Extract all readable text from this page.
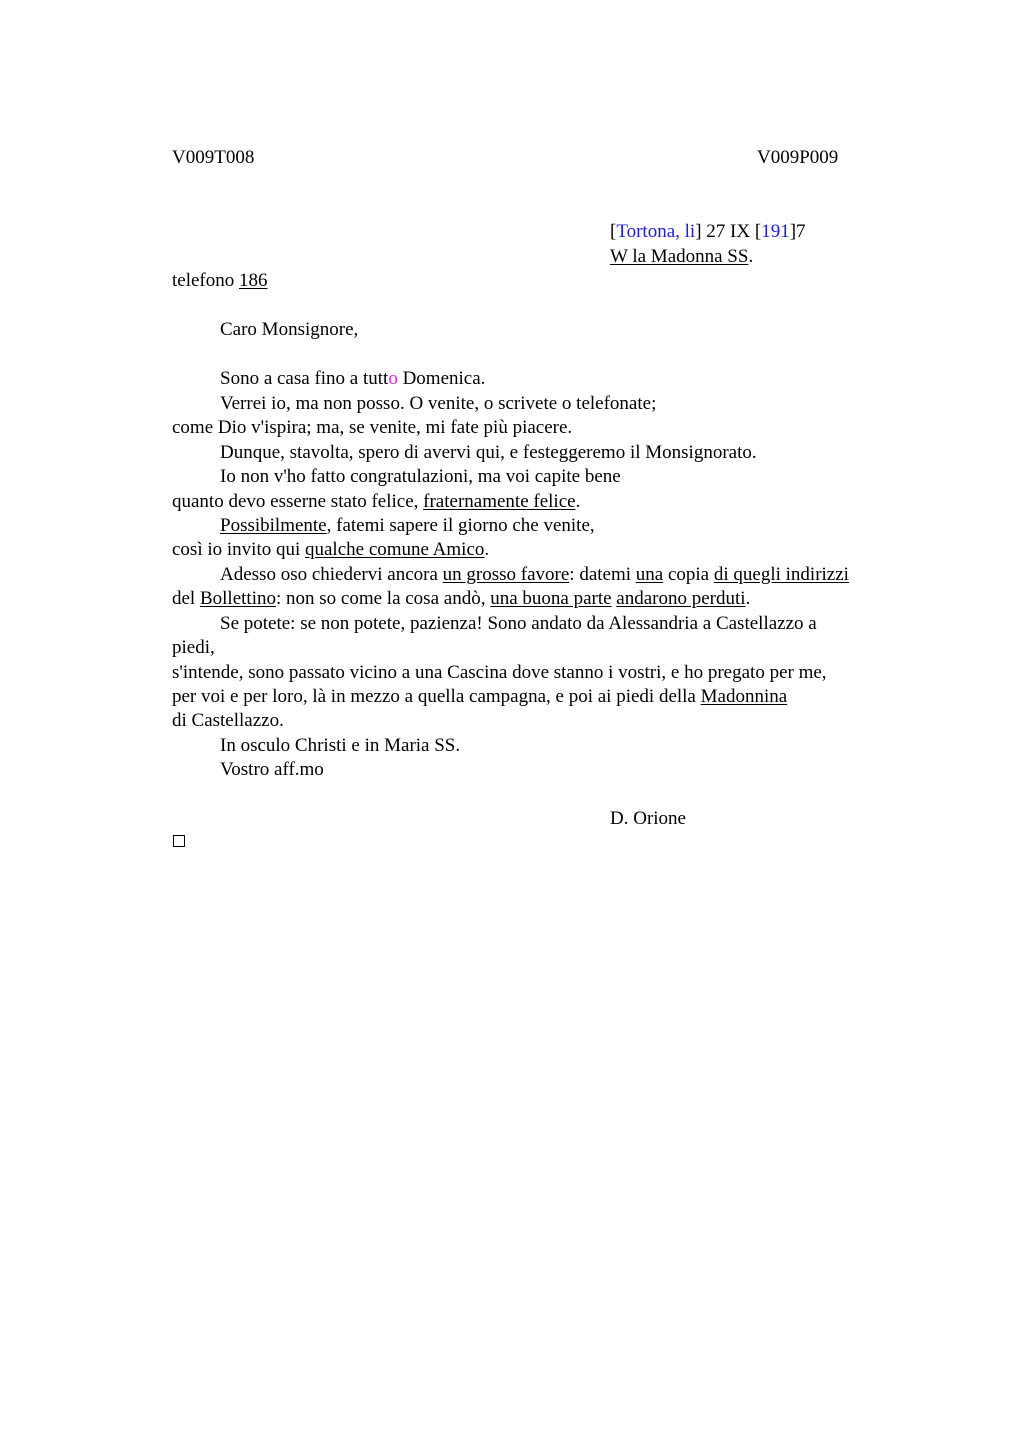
V009T008	V009P009
[Tortona, li] 27 IX [191]7
W la Madonna SS.
telefono 186
Caro Monsignore,
Sono a casa fino a tutto Domenica.
Verrei io, ma non posso. O venite, o scrivete o telefonate;
come Dio v'ispira; ma, se venite, mi fate più piacere.
Dunque, stavolta, spero di avervi qui, e festeggeremo il Monsignorato.
Io non v'ho fatto congratulazioni, ma voi capite bene
quanto devo esserne stato felice, fraternamente felice.
Possibilmente, fatemi sapere il giorno che venite,
così io invito qui qualche comune Amico.
Adesso oso chiedervi ancora un grosso favore: datemi una copia di quegli indirizzi
del Bollettino: non so come la cosa andò, una buona parte andarono perduti.
Se potete: se non potete, pazienza! Sono andato da Alessandria a Castellazzo a
piedi,
s'intende, sono passato vicino a una Cascina dove stanno i vostri, e ho pregato per me,
per voi e per loro, là in mezzo a quella campagna, e poi ai piedi della Madonnina
di Castellazzo.
In osculo Christi e in Maria SS.
Vostro aff.mo
D. Orione
